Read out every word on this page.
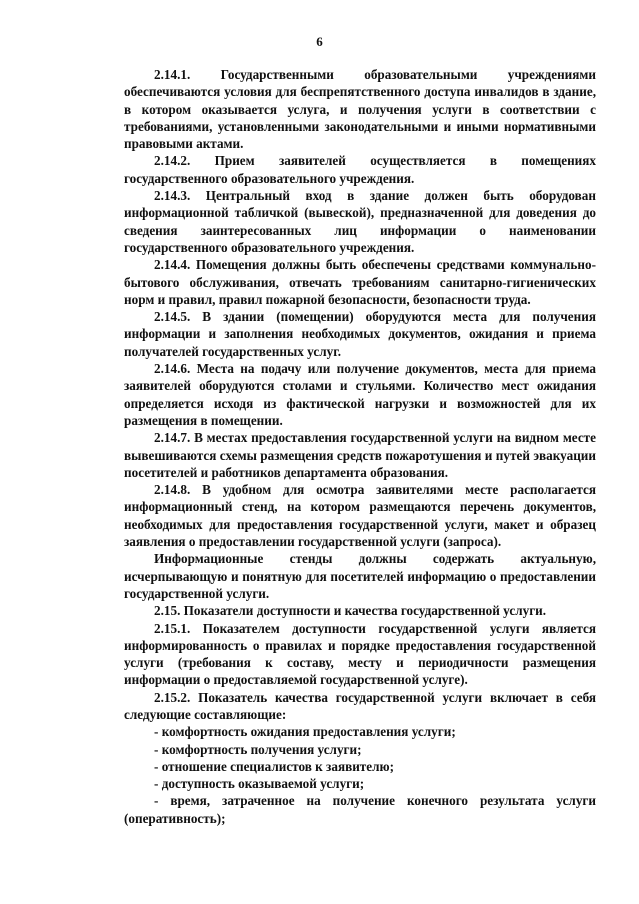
6

2.14.1. Государственными образовательными учреждениями обеспечиваются условия для беспрепятственного доступа инвалидов в здание, в котором оказывается услуга, и получения услуги в соответствии с требованиями, установленными законодательными и иными нормативными правовыми актами.

2.14.2. Прием заявителей осуществляется в помещениях государственного образовательного учреждения.

2.14.3. Центральный вход в здание должен быть оборудован информационной табличкой (вывеской), предназначенной для доведения до сведения заинтересованных лиц информации о наименовании государственного образовательного учреждения.

2.14.4. Помещения должны быть обеспечены средствами коммунально-бытового обслуживания, отвечать требованиям санитарно-гигиенических норм и правил, правил пожарной безопасности, безопасности труда.

2.14.5. В здании (помещении) оборудуются места для получения информации и заполнения необходимых документов, ожидания и приема получателей государственных услуг.

2.14.6. Места на подачу или получение документов, места для приема заявителей оборудуются столами и стульями. Количество мест ожидания определяется исходя из фактической нагрузки и возможностей для их размещения в помещении.

2.14.7. В местах предоставления государственной услуги на видном месте вывешиваются схемы размещения средств пожаротушения и путей эвакуации посетителей и работников департамента образования.

2.14.8. В удобном для осмотра заявителями месте располагается информационный стенд, на котором размещаются перечень документов, необходимых для предоставления государственной услуги, макет и образец заявления о предоставлении государственной услуги (запроса).

Информационные стенды должны содержать актуальную, исчерпывающую и понятную для посетителей информацию о предоставлении государственной услуги.

2.15. Показатели доступности и качества государственной услуги.

2.15.1. Показателем доступности государственной услуги является информированность о правилах и порядке предоставления государственной услуги (требования к составу, месту и периодичности размещения информации о предоставляемой государственной услуге).

2.15.2. Показатель качества государственной услуги включает в себя следующие составляющие:

- комфортность ожидания предоставления услуги;

- комфортность получения услуги;

- отношение специалистов к заявителю;

- доступность оказываемой услуги;

- время, затраченное на получение конечного результата услуги (оперативность);
